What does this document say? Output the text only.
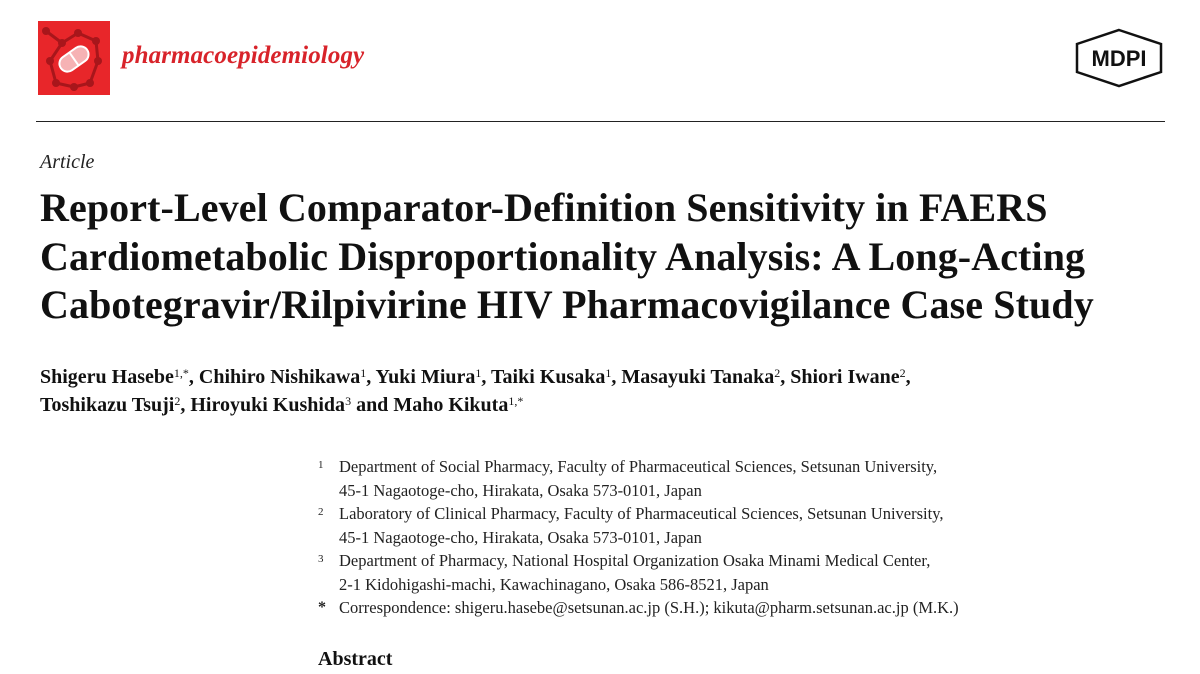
pharmacoepidemiology	MDPI
Article
Report-Level Comparator-Definition Sensitivity in FAERS
Cardiometabolic Disproportionality Analysis: A Long-Acting
Cabotegravir/Rilpivirine HIV Pharmacovigilance Case Study
Shigeru Hasebe$^{1,*}$, Chihiro Nishikawa$^1$, Yuki Miura$^1$, Taiki Kusaka$^1$, Masayuki Tanaka$^2$, Shiori Iwane$^2$,
Toshikazu Tsuji$^2$, Hiroyuki Kushida$^3$ and Maho Kikuta$^{1,*}$
1 Department of Social Pharmacy, Faculty of Pharmaceutical Sciences, Setsunan University,
45-1 Nagaotoge-cho, Hirakata, Osaka 573-0101, Japan
2 Laboratory of Clinical Pharmacy, Faculty of Pharmaceutical Sciences, Setsunan University,
45-1 Nagaotoge-cho, Hirakata, Osaka 573-0101, Japan
3 Department of Pharmacy, National Hospital Organization Osaka Minami Medical Center,
2-1 Kidohigashi-machi, Kawachinagano, Osaka 586-8521, Japan
* Correspondence: shigeru.hasebe@setsunan.ac.jp (S.H.); kikuta@pharm.setsunan.ac.jp (M.K.)
Abstract
